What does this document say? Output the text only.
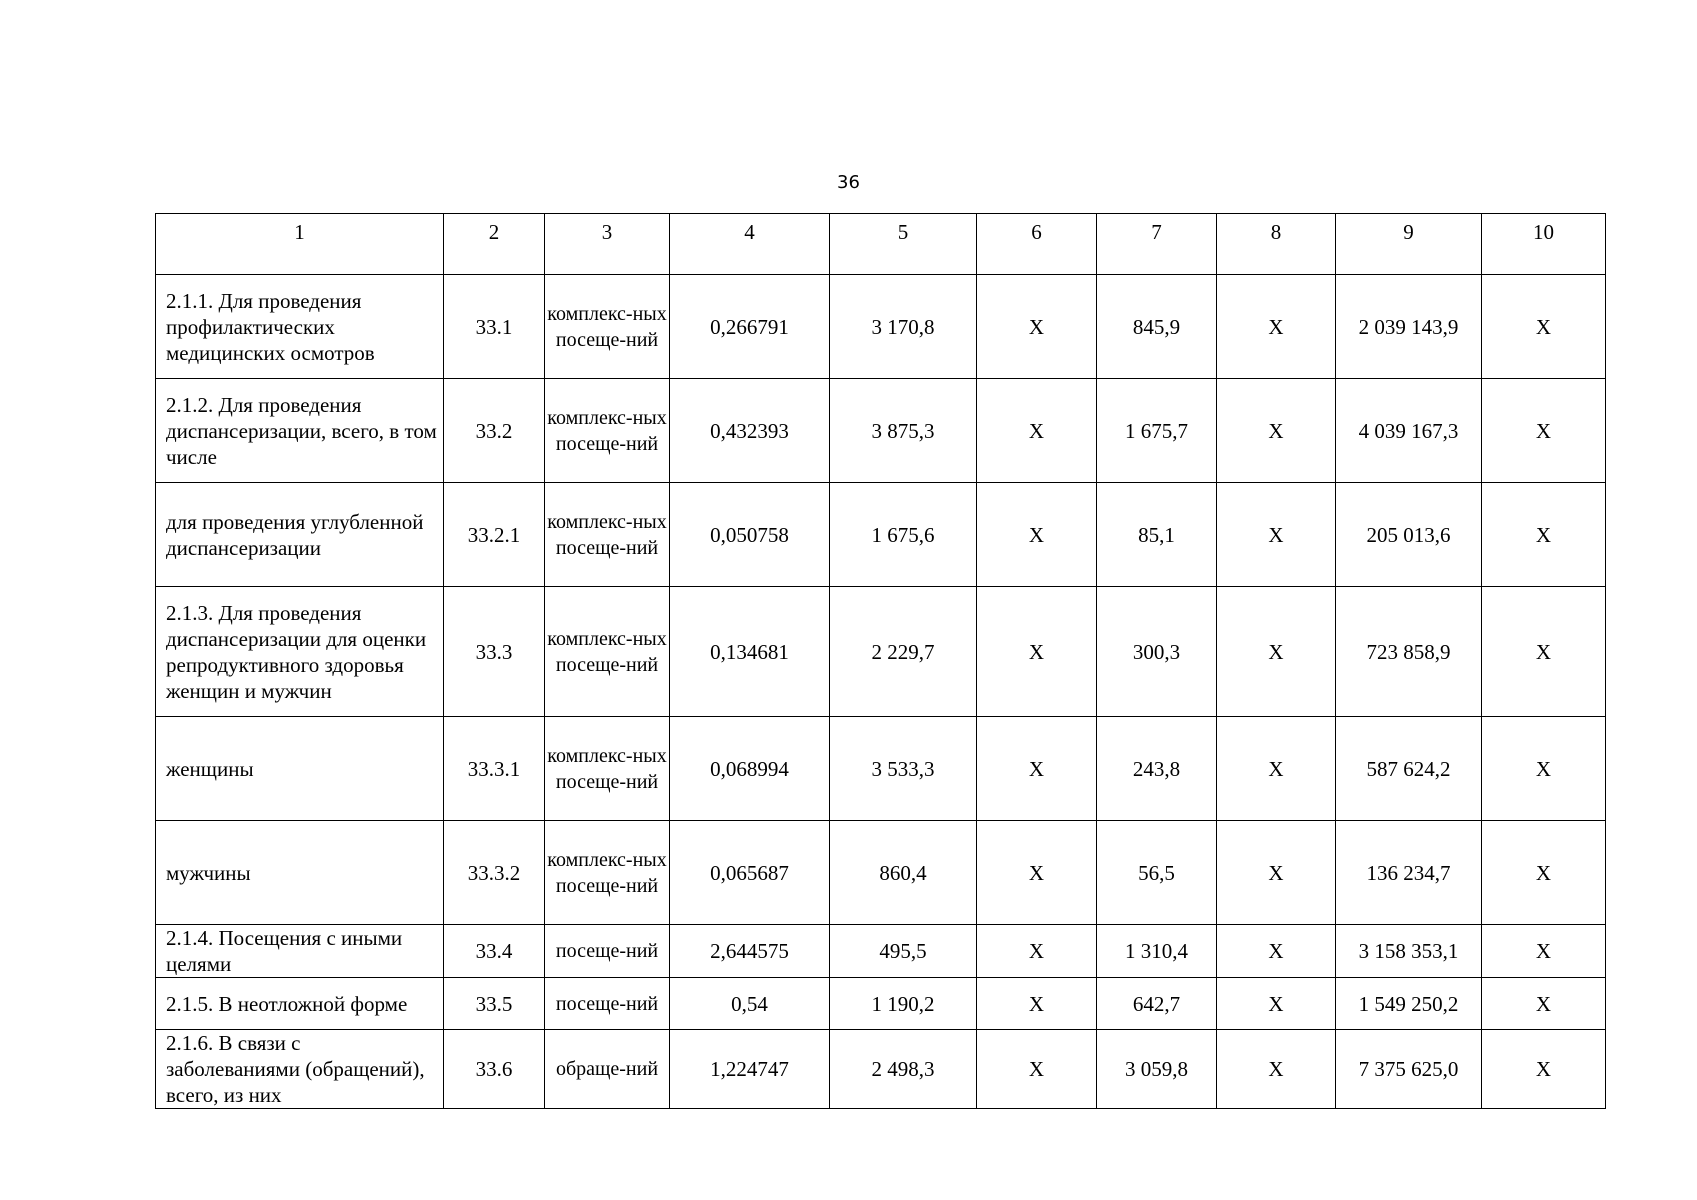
36
1	2	3	4	5	6	7	8	9	10
2.1.1. Для проведения профилактических медицинских осмотров	33.1	комплекс-ных посеще-ний	0,266791	3 170,8	Х	845,9	Х	2 039 143,9	Х
2.1.2. Для проведения диспансеризации, всего, в том числе	33.2	комплекс-ных посеще-ний	0,432393	3 875,3	Х	1 675,7	Х	4 039 167,3	Х
для проведения углубленной диспансеризации	33.2.1	комплекс-ных посеще-ний	0,050758	1 675,6	Х	85,1	Х	205 013,6	Х
2.1.3. Для проведения диспансеризации для оценки репродуктивного здоровья женщин и мужчин	33.3	комплекс-ных посеще-ний	0,134681	2 229,7	Х	300,3	Х	723 858,9	Х
женщины	33.3.1	комплекс-ных посеще-ний	0,068994	3 533,3	Х	243,8	Х	587 624,2	Х
мужчины	33.3.2	комплекс-ных посеще-ний	0,065687	860,4	Х	56,5	Х	136 234,7	Х
2.1.4. Посещения с иными целями	33.4	посеще-ний	2,644575	495,5	Х	1 310,4	Х	3 158 353,1	Х
2.1.5. В неотложной форме	33.5	посеще-ний	0,54	1 190,2	Х	642,7	Х	1 549 250,2	Х
2.1.6. В связи с заболеваниями (обращений), всего, из них	33.6	обраще-ний	1,224747	2 498,3	Х	3 059,8	Х	7 375 625,0	Х
